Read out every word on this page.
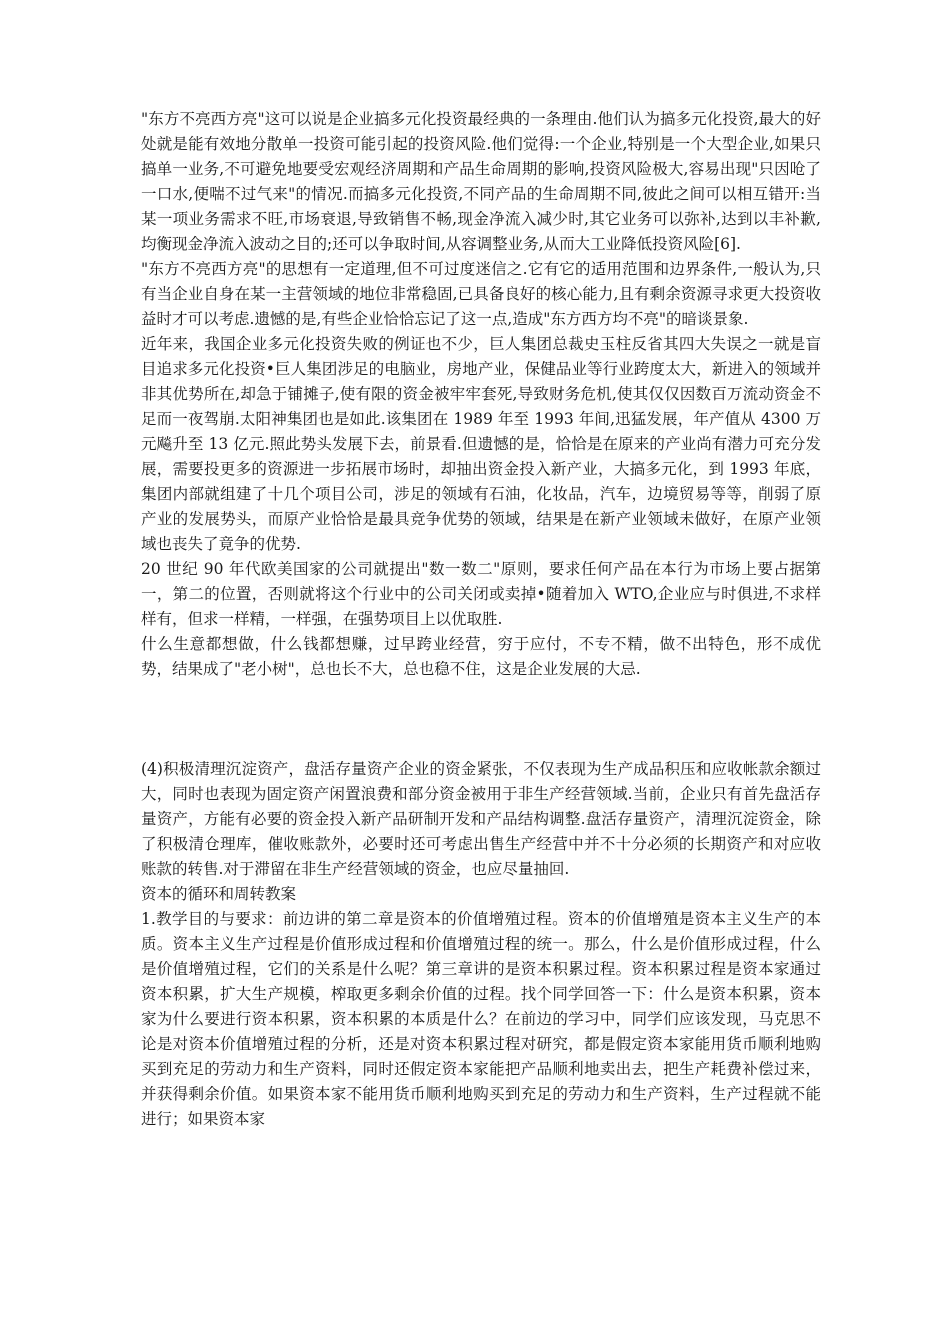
"东方不亮西方亮"这可以说是企业搞多元化投资最经典的一条理由.他们认为搞多元化投资,最大的好处就是能有效地分散单一投资可能引起的投资风险.他们觉得:一个企业,特别是一个大型企业,如果只搞单一业务,不可避免地要受宏观经济周期和产品生命周期的影响,投资风险极大,容易出现"只因呛了一口水,便喘不过气来"的情况.而搞多元化投资,不同产品的生命周期不同,彼此之间可以相互错开:当某一项业务需求不旺,市场衰退,导致销售不畅,现金净流入减少时,其它业务可以弥补,达到以丰补歉,均衡现金净流入波动之目的;还可以争取时间,从容调整业务,从而大工业降低投资风险[6].

"东方不亮西方亮"的思想有一定道理,但不可过度迷信之.它有它的适用范围和边界条件,一般认为,只有当企业自身在某一主营领域的地位非常稳固,已具备良好的核心能力,且有剩余资源寻求更大投资收益时才可以考虑.遗憾的是,有些企业恰恰忘记了这一点,造成"东方西方均不亮"的暗谈景象.

近年来，我国企业多元化投资失败的例证也不少，巨人集团总裁史玉柱反省其四大失误之一就是盲目追求多元化投资•巨人集团涉足的电脑业，房地产业，保健品业等行业跨度太大，新进入的领域并非其优势所在,却急于铺摊子,使有限的资金被牢牢套死,导致财务危机,使其仅仅因数百万流动资金不足而一夜驾崩.太阳神集团也是如此.该集团在 1989 年至 1993 年间,迅猛发展，年产值从 4300 万元飚升至 13 亿元.照此势头发展下去，前景看.但遗憾的是，恰恰是在原来的产业尚有潜力可充分发展，需要投更多的资源进一步拓展市场时，却抽出资金投入新产业，大搞多元化，到 1993 年底，集团内部就组建了十几个项目公司，涉足的领域有石油，化妆品，汽车，边境贸易等等，削弱了原产业的发展势头，而原产业恰恰是最具竞争优势的领域，结果是在新产业领域未做好，在原产业领域也丧失了竟争的优势.

20 世纪 90 年代欧美国家的公司就提出"数一数二"原则，要求任何产品在本行为市场上要占据第一，第二的位置，否则就将这个行业中的公司关闭或卖掉•随着加入 WTO,企业应与时俱进,不求样样有，但求一样精，一样强，在强势项目上以优取胜.

什么生意都想做，什么钱都想赚，过早跨业经营，穷于应付，不专不精，做不出特色，形不成优势，结果成了"老小树"，总也长不大，总也稳不住，这是企业发展的大忌.

(4)积极清理沉淀资产，盘活存量资产企业的资金紧张，不仅表现为生产成品积压和应收帐款余额过大，同时也表现为固定资产闲置浪费和部分资金被用于非生产经营领域.当前，企业只有首先盘活存量资产，方能有必要的资金投入新产品研制开发和产品结构调整.盘活存量资产，清理沉淀资金，除了积极清仓理库，催收账款外，必要时还可考虑出售生产经营中并不十分必须的长期资产和对应收账款的转售.对于滞留在非生产经营领域的资金，也应尽量抽回.

资本的循环和周转教案

1.教学目的与要求：前边讲的第二章是资本的价值增殖过程。资本的价值增殖是资本主义生产的本质。资本主义生产过程是价值形成过程和价值增殖过程的统一。那么，什么是价值形成过程，什么是价值增殖过程，它们的关系是什么呢？第三章讲的是资本积累过程。资本积累过程是资本家通过资本积累，扩大生产规模，榨取更多剩余价值的过程。找个同学回答一下：什么是资本积累，资本家为什么要进行资本积累，资本积累的本质是什么？在前边的学习中，同学们应该发现，马克思不论是对资本价值增殖过程的分析，还是对资本积累过程对研究，都是假定资本家能用货币顺利地购买到充足的劳动力和生产资料，同时还假定资本家能把产品顺利地卖出去，把生产耗费补偿过来，并获得剩余价值。如果资本家不能用货币顺利地购买到充足的劳动力和生产资料，生产过程就不能进行；如果资本家
